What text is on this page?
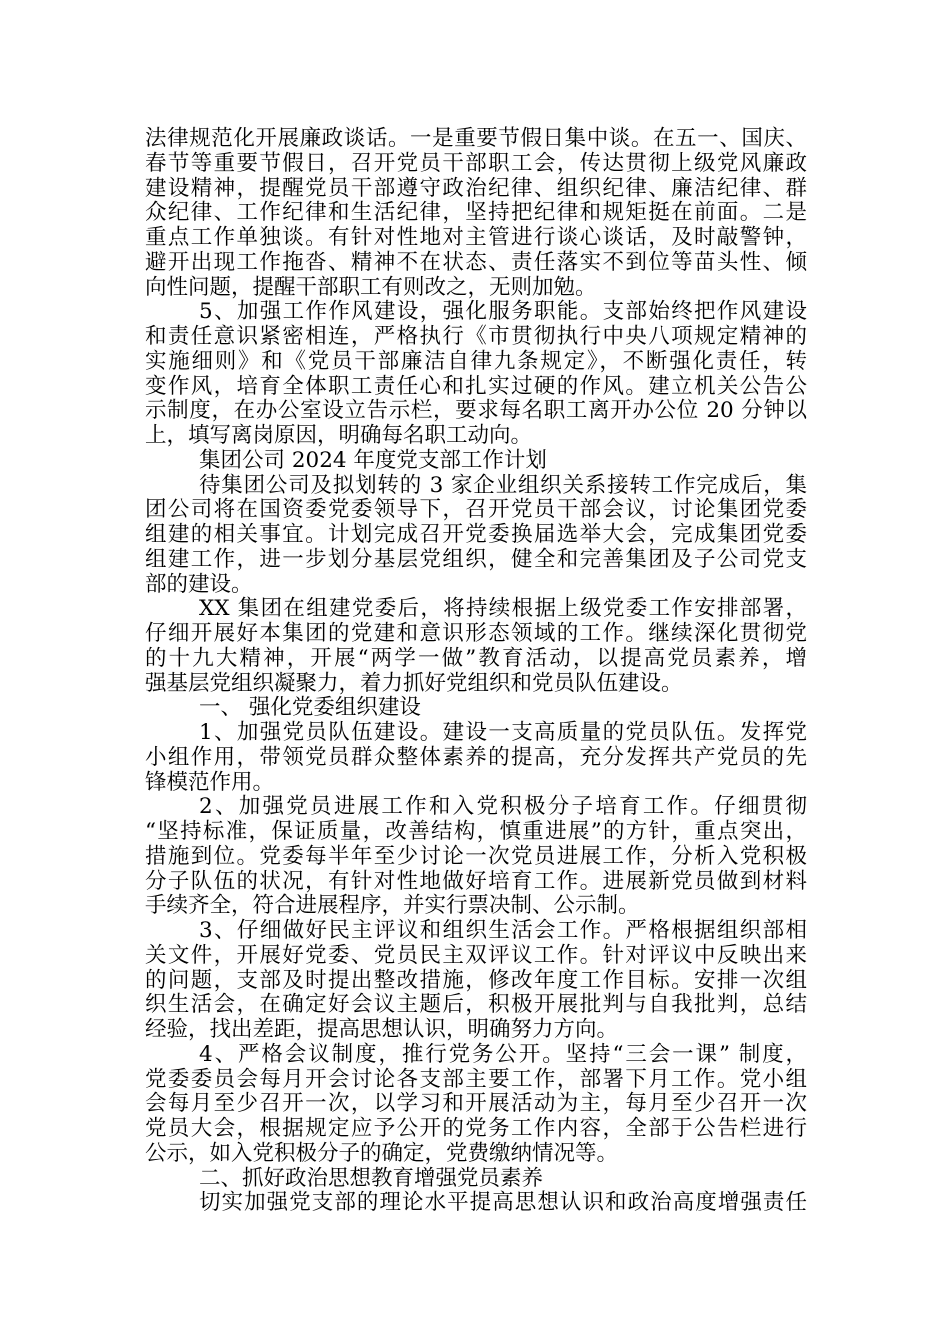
法律规范化开展廉政谈话。一是重要节假日集中谈。在五一、国庆、
春节等重要节假日，召开党员干部职工会，传达贯彻上级党风廉政
建设精神，提醒党员干部遵守政治纪律、组织纪律、廉洁纪律、群
众纪律、工作纪律和生活纪律，坚持把纪律和规矩挺在前面。二是
重点工作单独谈。有针对性地对主管进行谈心谈话，及时敲警钟，
避开出现工作拖沓、精神不在状态、责任落实不到位等苗头性、倾
向性问题，提醒干部职工有则改之，无则加勉。
5、加强工作作风建设，强化服务职能。支部始终把作风建设
和责任意识紧密相连，严格执行《市贯彻执行中央八项规定精神的
实施细则》和《党员干部廉洁自律九条规定》，不断强化责任，转
变作风，培育全体职工责任心和扎实过硬的作风。建立机关公告公
示制度，在办公室设立告示栏，要求每名职工离开办公位 20 分钟以
上，填写离岗原因，明确每名职工动向。
集团公司 2024 年度党支部工作计划
待集团公司及拟划转的 3 家企业组织关系接转工作完成后，集
团公司将在国资委党委领导下，召开党员干部会议，讨论集团党委
组建的相关事宜。计划完成召开党委换届选举大会，完成集团党委
组建工作，进一步划分基层党组织，健全和完善集团及子公司党支
部的建设。
XX 集团在组建党委后，将持续根据上级党委工作安排部署，
仔细开展好本集团的党建和意识形态领域的工作。继续深化贯彻党
的十九大精神，开展“两学一做”教育活动，以提高党员素养，增
强基层党组织凝聚力，着力抓好党组织和党员队伍建设。
一、 强化党委组织建设
1、加强党员队伍建设。建设一支高质量的党员队伍。发挥党
小组作用，带领党员群众整体素养的提高，充分发挥共产党员的先
锋模范作用。
2、加强党员进展工作和入党积极分子培育工作。仔细贯彻
“坚持标准，保证质量，改善结构，慎重进展”的方针，重点突出，
措施到位。党委每半年至少讨论一次党员进展工作，分析入党积极
分子队伍的状况，有针对性地做好培育工作。进展新党员做到材料
手续齐全，符合进展程序，并实行票决制、公示制。
3、仔细做好民主评议和组织生活会工作。严格根据组织部相
关文件，开展好党委、党员民主双评议工作。针对评议中反映出来
的问题，支部及时提出整改措施，修改年度工作目标。安排一次组
织生活会，在确定好会议主题后，积极开展批判与自我批判，总结
经验，找出差距，提高思想认识，明确努力方向。
4、严格会议制度，推行党务公开。坚持“三会一课” 制度，
党委委员会每月开会讨论各支部主要工作，部署下月工作。党小组
会每月至少召开一次，以学习和开展活动为主，每月至少召开一次
党员大会，根据规定应予公开的党务工作内容，全部于公告栏进行
公示，如入党积极分子的确定，党费缴纳情况等。
二、抓好政治思想教育增强党员素养
切实加强党支部的理论水平提高思想认识和政治高度增强责任
